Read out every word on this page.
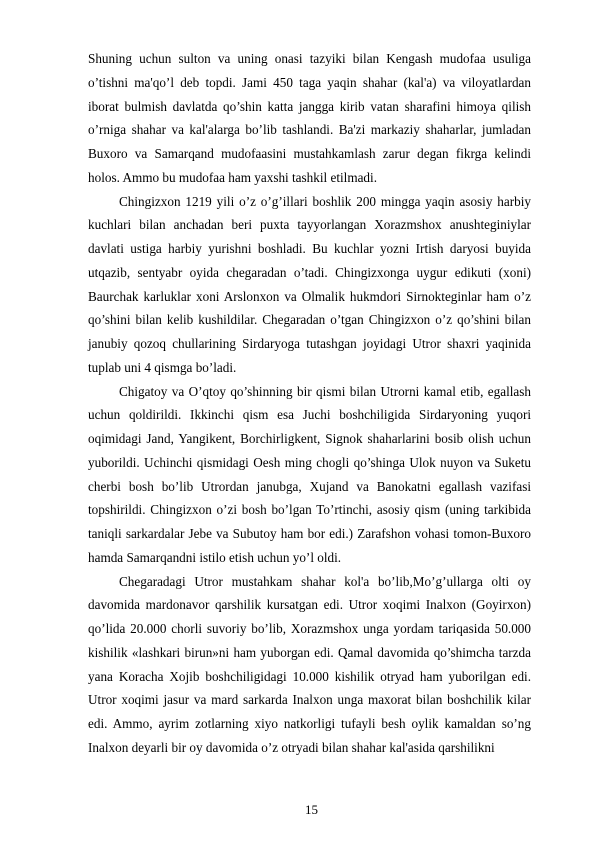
Shuning uchun sulton va uning onasi tazyiki bilan Kengash mudofaa usuliga o’tishni ma'qo’l deb topdi. Jami 450 taga yaqin shahar (kal'a) va viloyatlardan iborat bulmish davlatda qo’shin katta jangga kirib vatan sharafini himoya qilish o’rniga shahar va kal'alarga bo’lib tashlandi. Ba'zi markaziy shaharlar, jumladan Buxoro va Samarqand mudofaasini mustahkamlash zarur degan fikrga kelindi holos. Ammo bu mudofaa ham yaxshi tashkil etilmadi.

Chingizxon 1219 yili o’z o’g’illari boshlik 200 mingga yaqin asosiy harbiy kuchlari bilan anchadan beri puxta tayyorlangan Xorazmshox anushteginiylar davlati ustiga harbiy yurishni boshladi. Bu kuchlar yozni Irtish daryosi buyida utqazib, sentyabr oyida chegaradan o’tadi. Chingizxonga uygur edikuti (xoni) Baurchak karluklar xoni Arslonxon va Olmalik hukmdori Sirnokteginlar ham o’z qo’shini bilan kelib kushildilar. Chegaradan o’tgan Chingizxon o’z qo’shini bilan janubiy qozoq chullarining Sirdaryoga tutashgan joyidagi Utror shaxri yaqinida tuplab uni 4 qismga bo’ladi.

Chigatoy va O’qtoy qo’shinning bir qismi bilan Utrorni kamal etib, egallash uchun qoldirildi. Ikkinchi qism esa Juchi boshchiligida Sirdaryoning yuqori oqimidagi Jand, Yangikent, Borchirligkent, Signok shaharlarini bosib olish uchun yuborildi. Uchinchi qismidagi Oesh ming chogli qo’shinga Ulok nuyon va Suketu cherbi bosh bo’lib Utrordan janubga, Xujand va Banokatni egallash vazifasi topshirildi. Chingizxon o’zi bosh bo’lgan To’rtinchi, asosiy qism (uning tarkibida taniqli sarkardalar Jebe va Subutoy ham bor edi.) Zarafshon vohasi tomon-Buxoro hamda Samarqandni istilo etish uchun yo’l oldi.

Chegaradagi Utror mustahkam shahar kol'a bo’lib,Mo’g’ullarga olti oy davomida mardonavor qarshilik kursatgan edi. Utror xoqimi Inalxon (Goyirxon) qo’lida 20.000 chorli suvoriy bo’lib, Xorazmshox unga yordam tariqasida 50.000 kishilik «lashkari birun»ni ham yuborgan edi. Qamal davomida qo’shimcha tarzda yana Koracha Xojib boshchiligidagi 10.000 kishilik otryad ham yuborilgan edi. Utror xoqimi jasur va mard sarkarda Inalxon unga maxorat bilan boshchilik kilar edi. Ammo, ayrim zotlarning xiyo natkorligi tufayli besh oylik kamaldan so’ng Inalxon deyarli bir oy davomida o’z otryadi bilan shahar kal'asida qarshilikni

15
